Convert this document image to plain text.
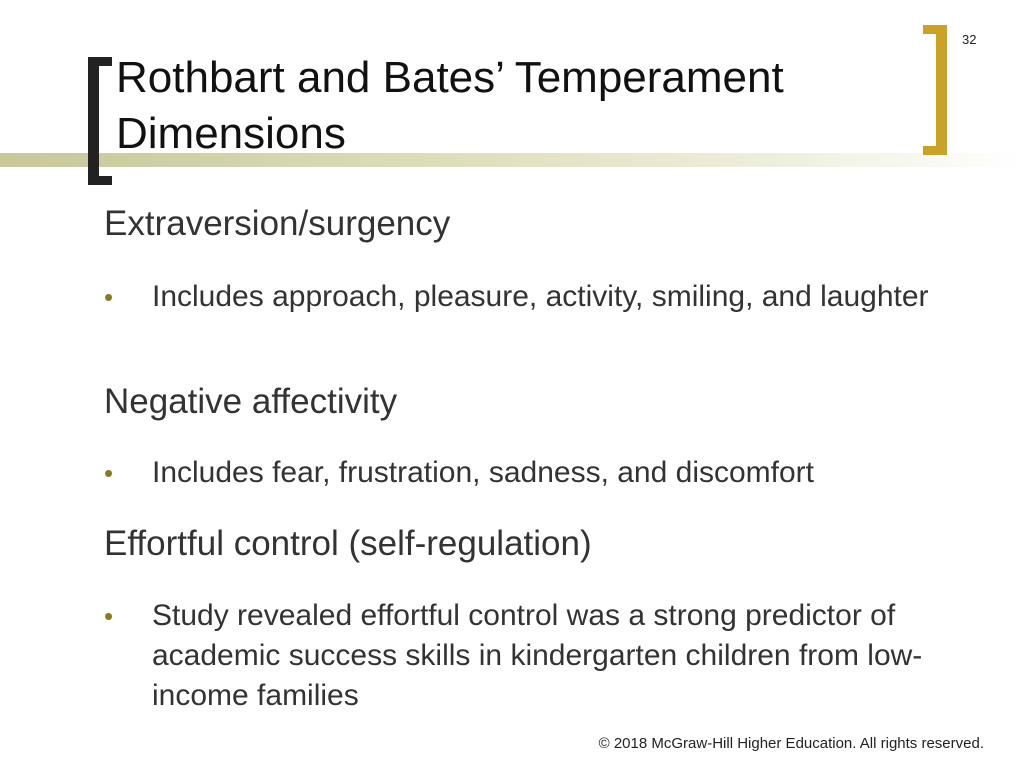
32
Rothbart and Bates’ Temperament
Dimensions
Extraversion/surgency
• Includes approach, pleasure, activity, smiling, and laughter
Negative affectivity
• Includes fear, frustration, sadness, and discomfort
Effortful control (self-regulation)
• Study revealed effortful control was a strong predictor of academic success skills in kindergarten children from low-income families
© 2018 McGraw-Hill Higher Education. All rights reserved.
